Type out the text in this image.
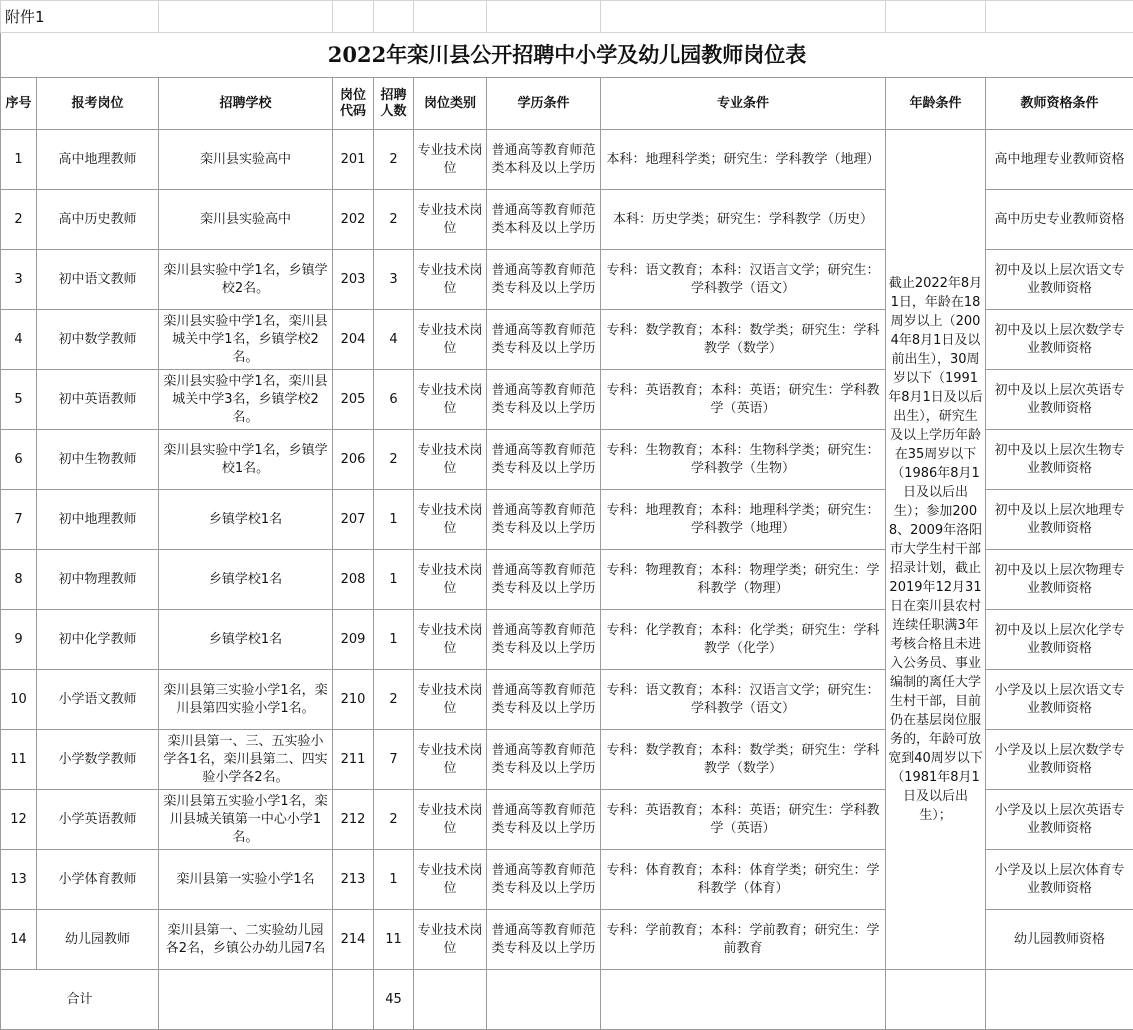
附件1									
2022年栾川县公开招聘中小学及幼儿园教师岗位表									
序号	报考岗位	招聘学校	岗位代码	招聘人数	岗位类别	学历条件	专业条件	年龄条件	教师资格条件
1	高中地理教师	栾川县实验高中	201	2	专业技术岗位	普通高等教育师范类本科及以上学历	本科：地理科学类；研究生：学科教学（地理）	截止2022年8月1日，年龄在18周岁以上（2004年8月1日及以前出生），30周岁以下（1991年8月1日及以后出生），研究生及以上学历年龄在35周岁以下（1986年8月1日及以后出生）；参加2008、2009年洛阳市大学生村干部招录计划，截止2019年12月31日在栾川县农村连续任职满3年考核合格且未进入公务员、事业编制的离任大学生村干部，目前仍在基层岗位服务的，年龄可放宽到40周岁以下（1981年8月1日及以后出生）；	高中地理专业教师资格
2	高中历史教师	栾川县实验高中	202	2	专业技术岗位	普通高等教育师范类本科及以上学历	本科：历史学类；研究生：学科教学（历史）		高中历史专业教师资格
3	初中语文教师	栾川县实验中学1名，乡镇学校2名。	203	3	专业技术岗位	普通高等教育师范类专科及以上学历	专科：语文教育；本科：汉语言文学；研究生：学科教学（语文）		初中及以上层次语文专业教师资格
4	初中数学教师	栾川县实验中学1名，栾川县城关中学1名，乡镇学校2名。	204	4	专业技术岗位	普通高等教育师范类专科及以上学历	专科：数学教育；本科：数学类；研究生：学科教学（数学）		初中及以上层次数学专业教师资格
5	初中英语教师	栾川县实验中学1名，栾川县城关中学3名，乡镇学校2名。	205	6	专业技术岗位	普通高等教育师范类专科及以上学历	专科：英语教育；本科：英语；研究生：学科教学（英语）		初中及以上层次英语专业教师资格
6	初中生物教师	栾川县实验中学1名，乡镇学校1名。	206	2	专业技术岗位	普通高等教育师范类专科及以上学历	专科：生物教育；本科：生物科学类；研究生：学科教学（生物）		初中及以上层次生物专业教师资格
7	初中地理教师	乡镇学校1名	207	1	专业技术岗位	普通高等教育师范类专科及以上学历	专科：地理教育；本科：地理科学类；研究生：学科教学（地理）		初中及以上层次地理专业教师资格
8	初中物理教师	乡镇学校1名	208	1	专业技术岗位	普通高等教育师范类专科及以上学历	专科：物理教育；本科：物理学类；研究生：学科教学（物理）		初中及以上层次物理专业教师资格
9	初中化学教师	乡镇学校1名	209	1	专业技术岗位	普通高等教育师范类专科及以上学历	专科：化学教育；本科：化学类；研究生：学科教学（化学）		初中及以上层次化学专业教师资格
10	小学语文教师	栾川县第三实验小学1名，栾川县第四实验小学1名。	210	2	专业技术岗位	普通高等教育师范类专科及以上学历	专科：语文教育；本科：汉语言文学；研究生：学科教学（语文）		小学及以上层次语文专业教师资格
11	小学数学教师	栾川县第一、三、五实验小学各1名，栾川县第二、四实验小学各2名。	211	7	专业技术岗位	普通高等教育师范类专科及以上学历	专科：数学教育；本科：数学类；研究生：学科教学（数学）		小学及以上层次数学专业教师资格
12	小学英语教师	栾川县第五实验小学1名，栾川县城关镇第一中心小学1名。	212	2	专业技术岗位	普通高等教育师范类专科及以上学历	专科：英语教育；本科：英语；研究生：学科教学（英语）		小学及以上层次英语专业教师资格
13	小学体育教师	栾川县第一实验小学1名	213	1	专业技术岗位	普通高等教育师范类专科及以上学历	专科：体育教育；本科：体育学类；研究生：学科教学（体育）		小学及以上层次体育专业教师资格
14	幼儿园教师	栾川县第一、二实验幼儿园各2名，乡镇公办幼儿园7名	214	11	专业技术岗位	普通高等教育师范类专科及以上学历	专科：学前教育；本科：学前教育；研究生：学前教育		幼儿园教师资格
合计				45					
